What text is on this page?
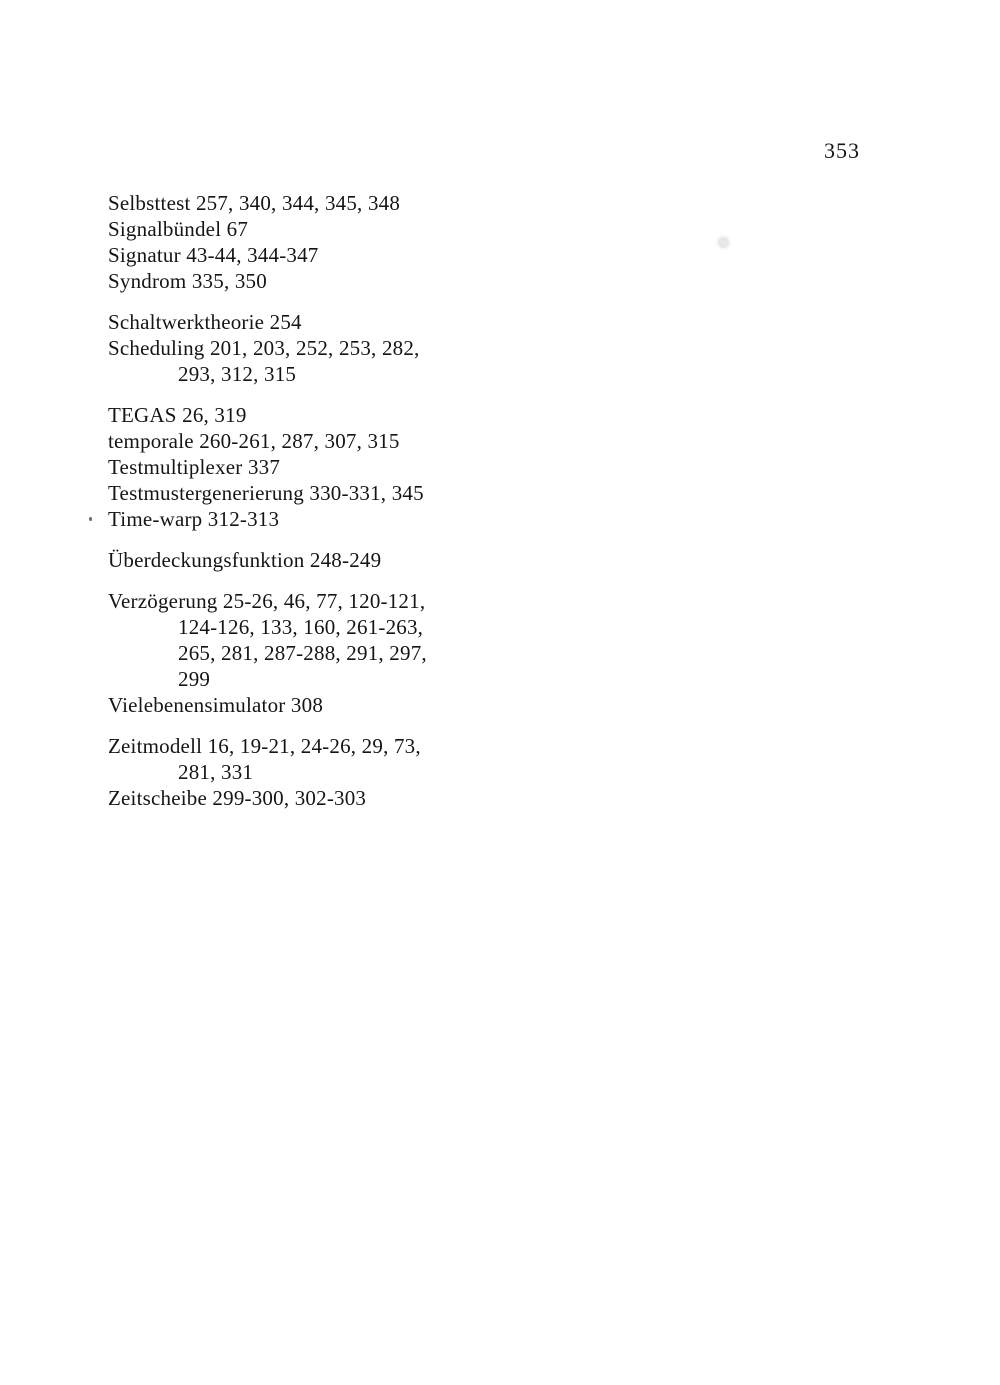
353
Selbsttest 257, 340, 344, 345, 348
Signalbündel 67
Signatur 43-44, 344-347
Syndrom 335, 350
Schaltwerktheorie 254
Scheduling 201, 203, 252, 253, 282,
293, 312, 315
TEGAS 26, 319
temporale 260-261, 287, 307, 315
Testmultiplexer 337
Testmustergenerierung 330-331, 345
Time-warp 312-313
Überdeckungsfunktion 248-249
Verzögerung 25-26, 46, 77, 120-121,
124-126, 133, 160, 261-263,
265, 281, 287-288, 291, 297,
299
Vielebenensimulator 308
Zeitmodell 16, 19-21, 24-26, 29, 73,
281, 331
Zeitscheibe 299-300, 302-303
